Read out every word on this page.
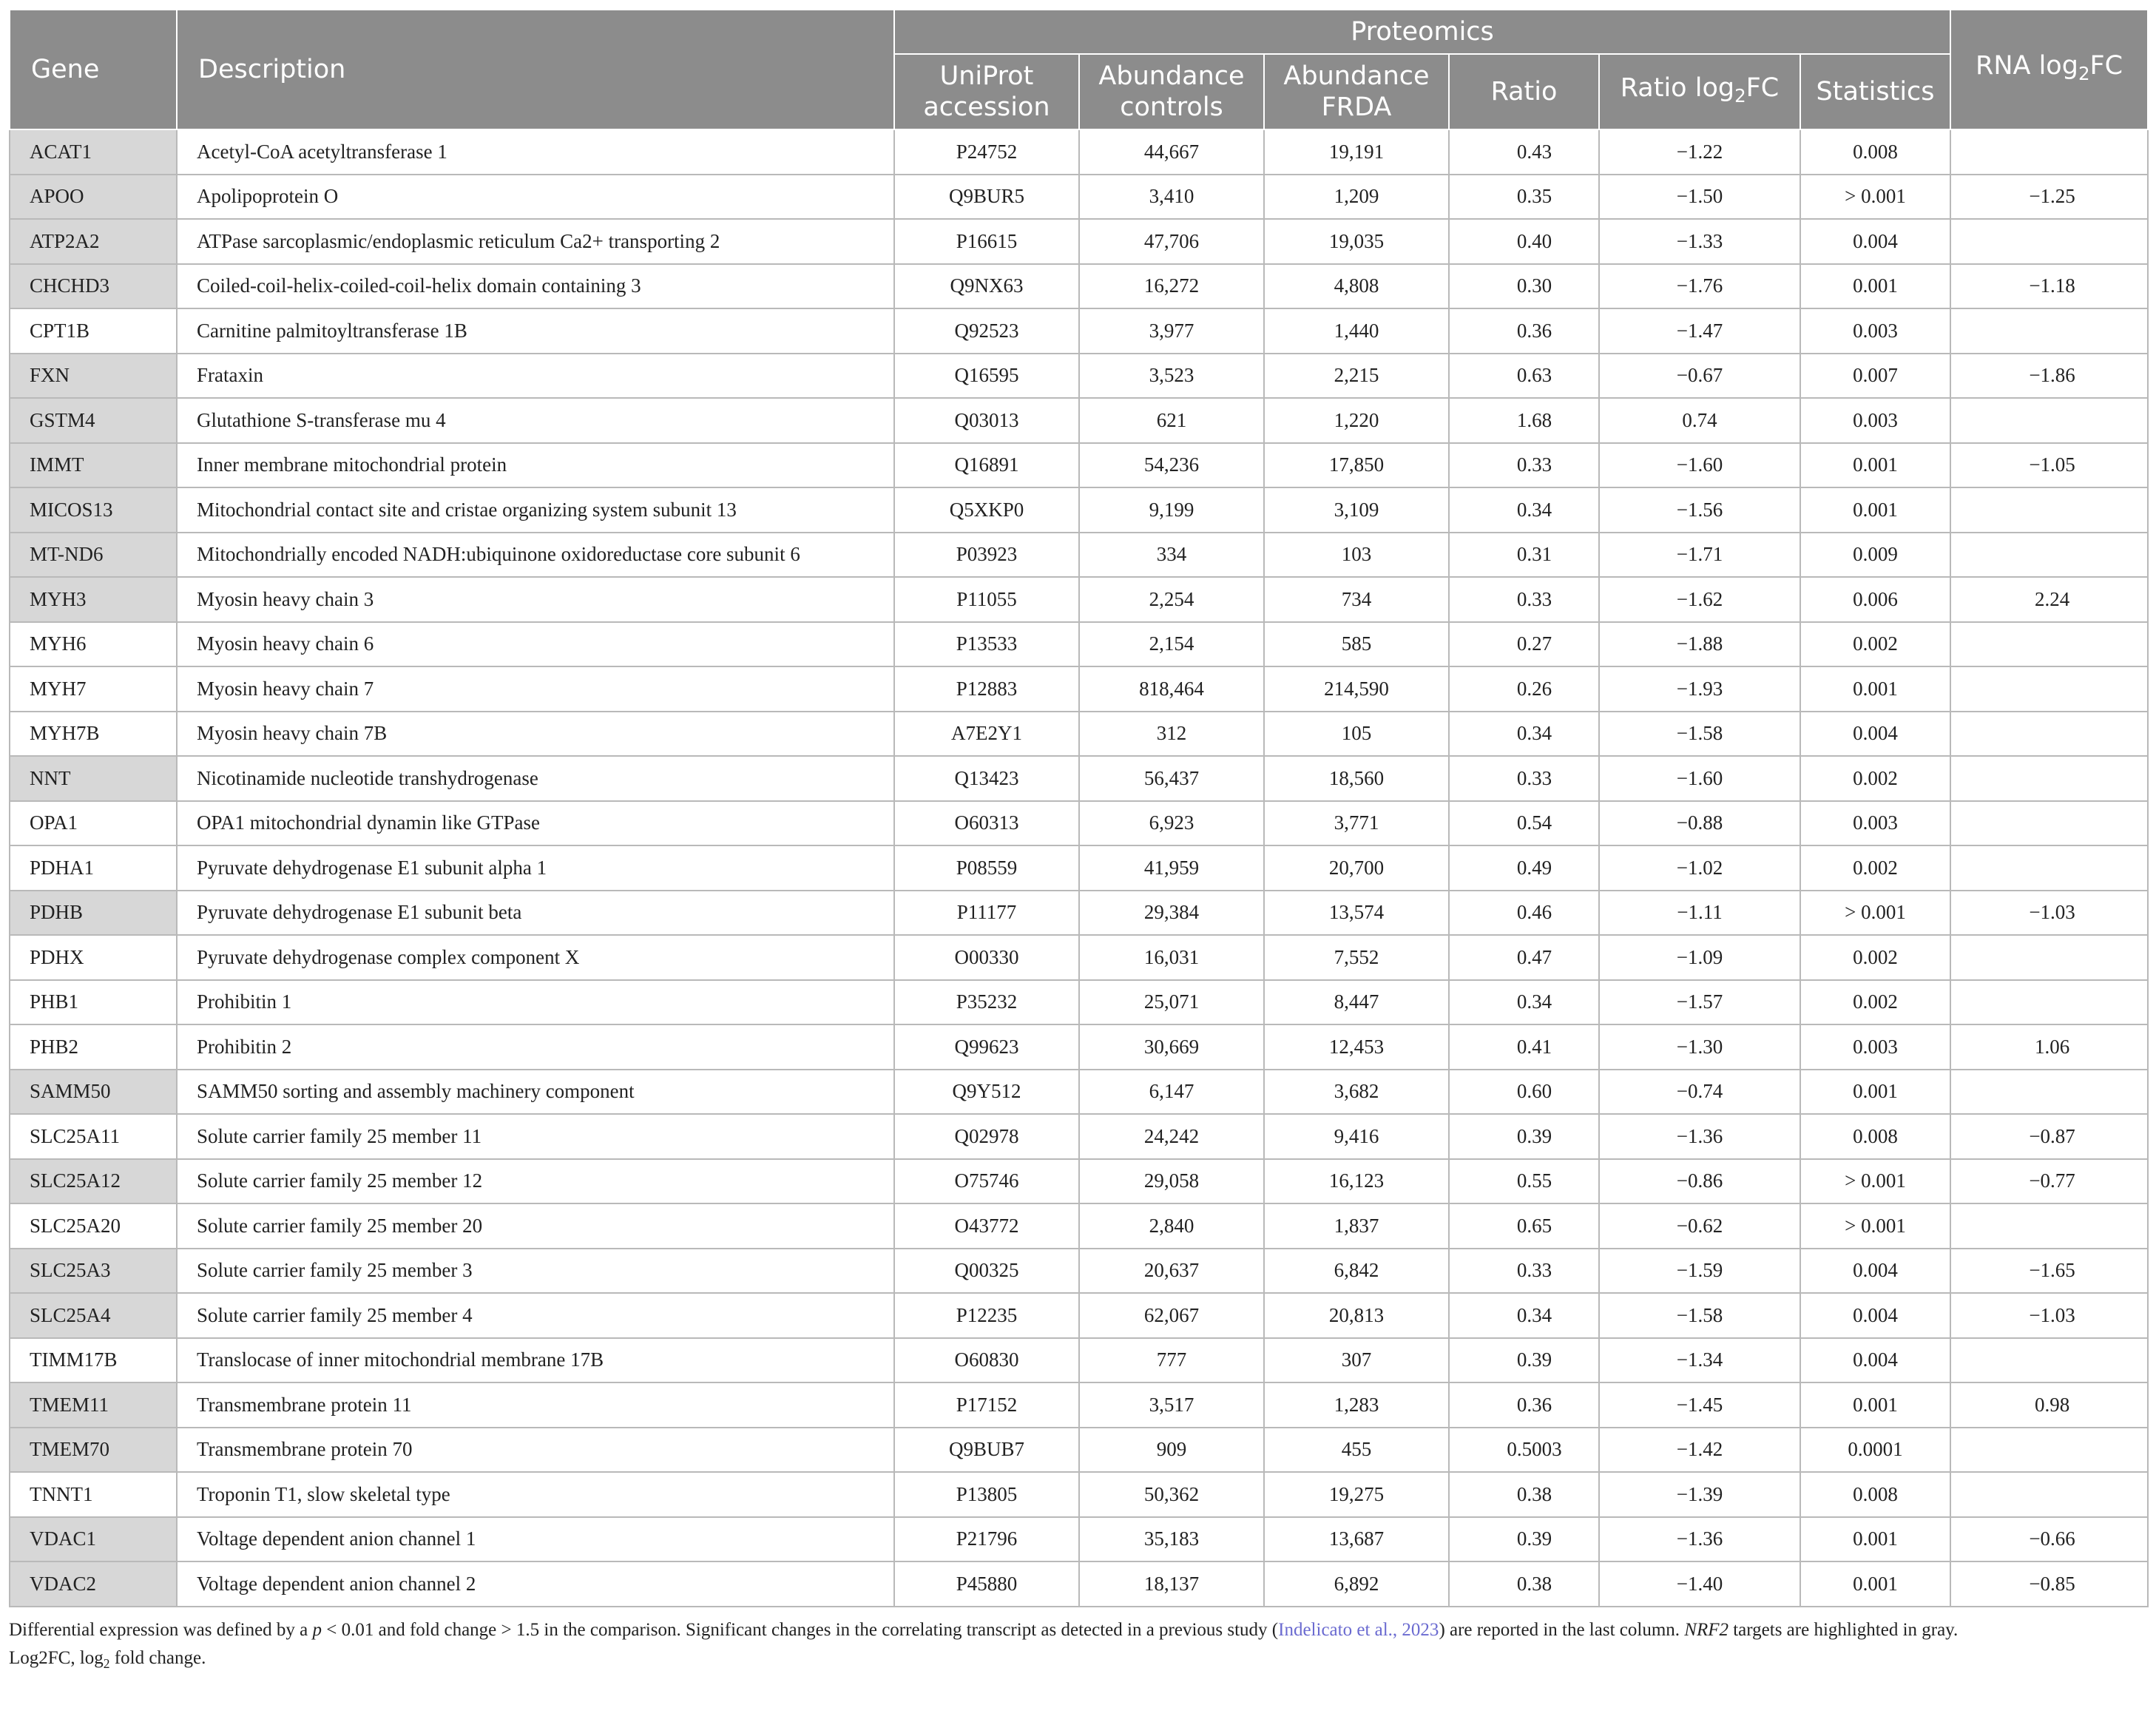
Gene	Description	Proteomics						RNA $\log_2FC$
		UniProt accession	Abundance controls	Abundance FRDA	Ratio	Ratio $\log_2FC$	Statistics	
ACAT1	Acetyl-CoA acetyltransferase 1	P24752	44,667	19,191	0.43	−1.22	0.008	
APOO	Apolipoprotein O	Q9BUR5	3,410	1,209	0.35	−1.50	> 0.001	−1.25
ATP2A2	ATPase sarcoplasmic/endoplasmic reticulum Ca2+ transporting 2	P16615	47,706	19,035	0.40	−1.33	0.004	
CHCHD3	Coiled-coil-helix-coiled-coil-helix domain containing 3	Q9NX63	16,272	4,808	0.30	−1.76	0.001	−1.18
CPT1B	Carnitine palmitoyltransferase 1B	Q92523	3,977	1,440	0.36	−1.47	0.003	
FXN	Frataxin	Q16595	3,523	2,215	0.63	−0.67	0.007	−1.86
GSTM4	Glutathione S-transferase mu 4	Q03013	621	1,220	1.68	0.74	0.003	
IMMT	Inner membrane mitochondrial protein	Q16891	54,236	17,850	0.33	−1.60	0.001	−1.05
MICOS13	Mitochondrial contact site and cristae organizing system subunit 13	Q5XKP0	9,199	3,109	0.34	−1.56	0.001	
MT-ND6	Mitochondrially encoded NADH:ubiquinone oxidoreductase core subunit 6	P03923	334	103	0.31	−1.71	0.009	
MYH3	Myosin heavy chain 3	P11055	2,254	734	0.33	−1.62	0.006	2.24
MYH6	Myosin heavy chain 6	P13533	2,154	585	0.27	−1.88	0.002	
MYH7	Myosin heavy chain 7	P12883	818,464	214,590	0.26	−1.93	0.001	
MYH7B	Myosin heavy chain 7B	A7E2Y1	312	105	0.34	−1.58	0.004	
NNT	Nicotinamide nucleotide transhydrogenase	Q13423	56,437	18,560	0.33	−1.60	0.002	
OPA1	OPA1 mitochondrial dynamin like GTPase	O60313	6,923	3,771	0.54	−0.88	0.003	
PDHA1	Pyruvate dehydrogenase E1 subunit alpha 1	P08559	41,959	20,700	0.49	−1.02	0.002	
PDHB	Pyruvate dehydrogenase E1 subunit beta	P11177	29,384	13,574	0.46	−1.11	> 0.001	−1.03
PDHX	Pyruvate dehydrogenase complex component X	O00330	16,031	7,552	0.47	−1.09	0.002	
PHB1	Prohibitin 1	P35232	25,071	8,447	0.34	−1.57	0.002	
PHB2	Prohibitin 2	Q99623	30,669	12,453	0.41	−1.30	0.003	1.06
SAMM50	SAMM50 sorting and assembly machinery component	Q9Y512	6,147	3,682	0.60	−0.74	0.001	
SLC25A11	Solute carrier family 25 member 11	Q02978	24,242	9,416	0.39	−1.36	0.008	−0.87
SLC25A12	Solute carrier family 25 member 12	O75746	29,058	16,123	0.55	−0.86	> 0.001	−0.77
SLC25A20	Solute carrier family 25 member 20	O43772	2,840	1,837	0.65	−0.62	> 0.001	
SLC25A3	Solute carrier family 25 member 3	Q00325	20,637	6,842	0.33	−1.59	0.004	−1.65
SLC25A4	Solute carrier family 25 member 4	P12235	62,067	20,813	0.34	−1.58	0.004	−1.03
TIMM17B	Translocase of inner mitochondrial membrane 17B	O60830	777	307	0.39	−1.34	0.004	
TMEM11	Transmembrane protein 11	P17152	3,517	1,283	0.36	−1.45	0.001	0.98
TMEM70	Transmembrane protein 70	Q9BUB7	909	455	0.5003	−1.42	0.0001	
TNNT1	Troponin T1, slow skeletal type	P13805	50,362	19,275	0.38	−1.39	0.008	
VDAC1	Voltage dependent anion channel 1	P21796	35,183	13,687	0.39	−1.36	0.001	−0.66
VDAC2	Voltage dependent anion channel 2	P45880	18,137	6,892	0.38	−1.40	0.001	−0.85
Differential expression was defined by a p < 0.01 and fold change > 1.5 in the comparison. Significant changes in the correlating transcript as detected in a previous study (Indelicato et al., 2023) are reported in the last column. NRF2 targets are highlighted in gray.
Log2FC, $\log_2$ fold change.
